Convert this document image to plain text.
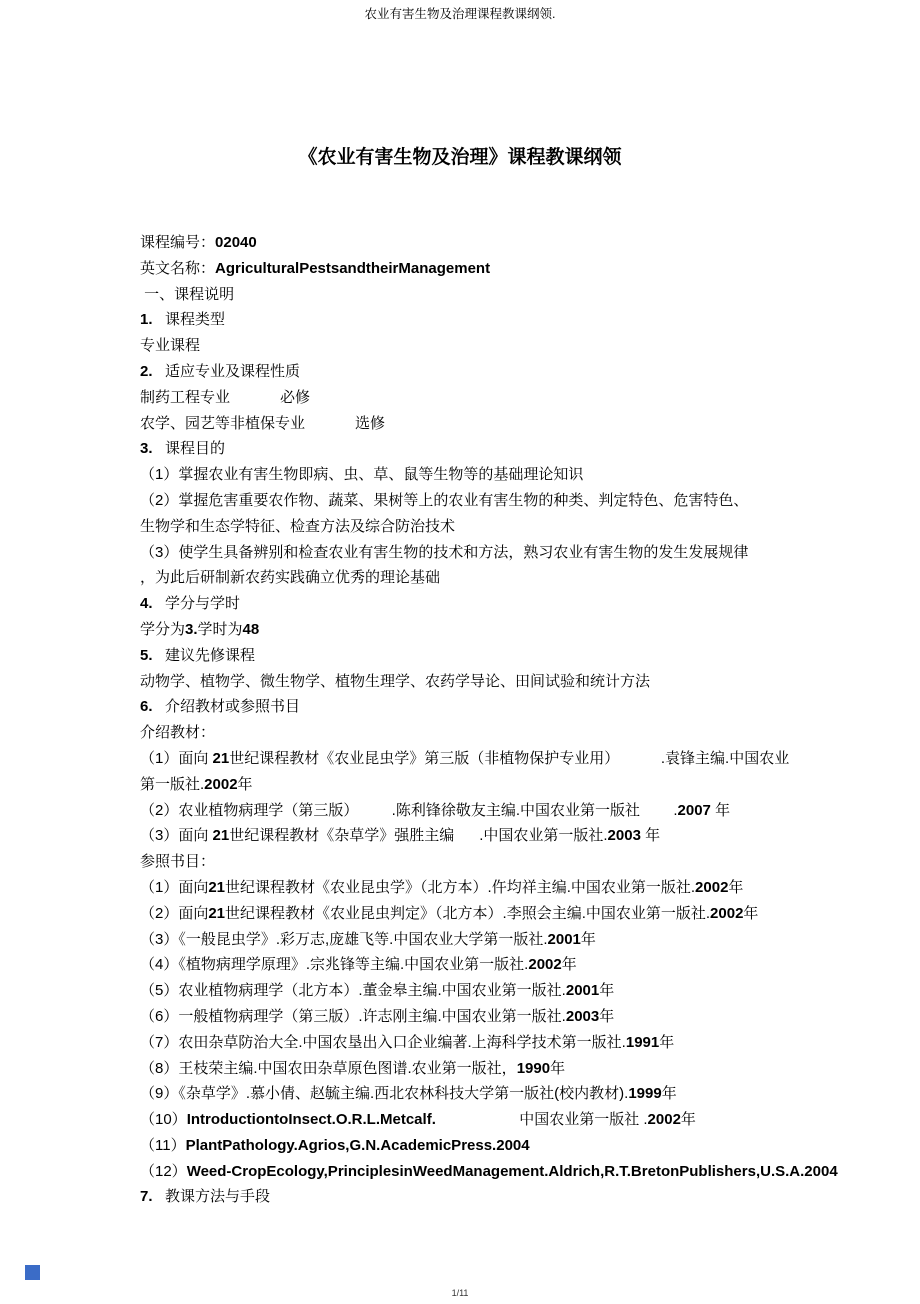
农业有害生物及治理课程教课纲领.
《农业有害生物及治理》课程教课纲领
课程编号：02040
英文名称：AgriculturalPestsandtheirManagement
一、课程说明
1.   课程类型
专业课程
2.   适应专业及课程性质
制药工程专业            必修
农学、园艺等非植保专业            选修
3.   课程目的
（1）掌握农业有害生物即病、虫、草、鼠等生物等的基础理论知识
（2）掌握危害重要农作物、蔬菜、果树等上的农业有害生物的种类、判定特色、危害特色、
生物学和生态学特征、检查方法及综合防治技术
（3）使学生具备辨别和检查农业有害生物的技术和方法，熟习农业有害生物的发生发展规律
，为此后研制新农药实践确立优秀的理论基础
4.   学分与学时
学分为3.学时为48
5.   建议先修课程
动物学、植物学、微生物学、植物生理学、农药学导论、田间试验和统计方法
6.   介绍教材或参照书目
介绍教材：
（1）面向 21世纪课程教材《农业昆虫学》第三版（非植物保护专业用）          .袁锋主编.中国农业
第一版社.2002年
（2）农业植物病理学（第三版）        .陈利锋徐敬友主编.中国农业第一版社        .2007 年
（3）面向 21世纪课程教材《杂草学》强胜主编      .中国农业第一版社.2003 年
参照书目：
（1）面向21世纪课程教材《农业昆虫学》（北方本）.仵均祥主编.中国农业第一版社.2002年
（2）面向21世纪课程教材《农业昆虫判定》（北方本）.李照会主编.中国农业第一版社.2002年
（3）《一般昆虫学》.彩万志,庞雄飞等.中国农业大学第一版社.2001年
（4）《植物病理学原理》.宗兆锋等主编.中国农业第一版社.2002年
（5）农业植物病理学（北方本）.董金皋主编.中国农业第一版社.2001年
（6）一般植物病理学（第三版）.许志刚主编.中国农业第一版社.2003年
（7）农田杂草防治大全.中国农垦出入口企业编著.上海科学技术第一版社.1991年
（8）王枝荣主编.中国农田杂草原色图谱.农业第一版社，1990年
（9）《杂草学》.慕小倩、赵毓主编.西北农林科技大学第一版社(校内教材).1999年
（10）IntroductiontoInsect.O.R.L.Metcalf.                    中国农业第一版社 .2002年
（11）PlantPathology.Agrios,G.N.AcademicPress.2004
（12）Weed-CropEcology,PrinciplesinWeedManagement.Aldrich,R.T.BretonPublishers,U.S.A.2004
7.   教课方法与手段
1/11
